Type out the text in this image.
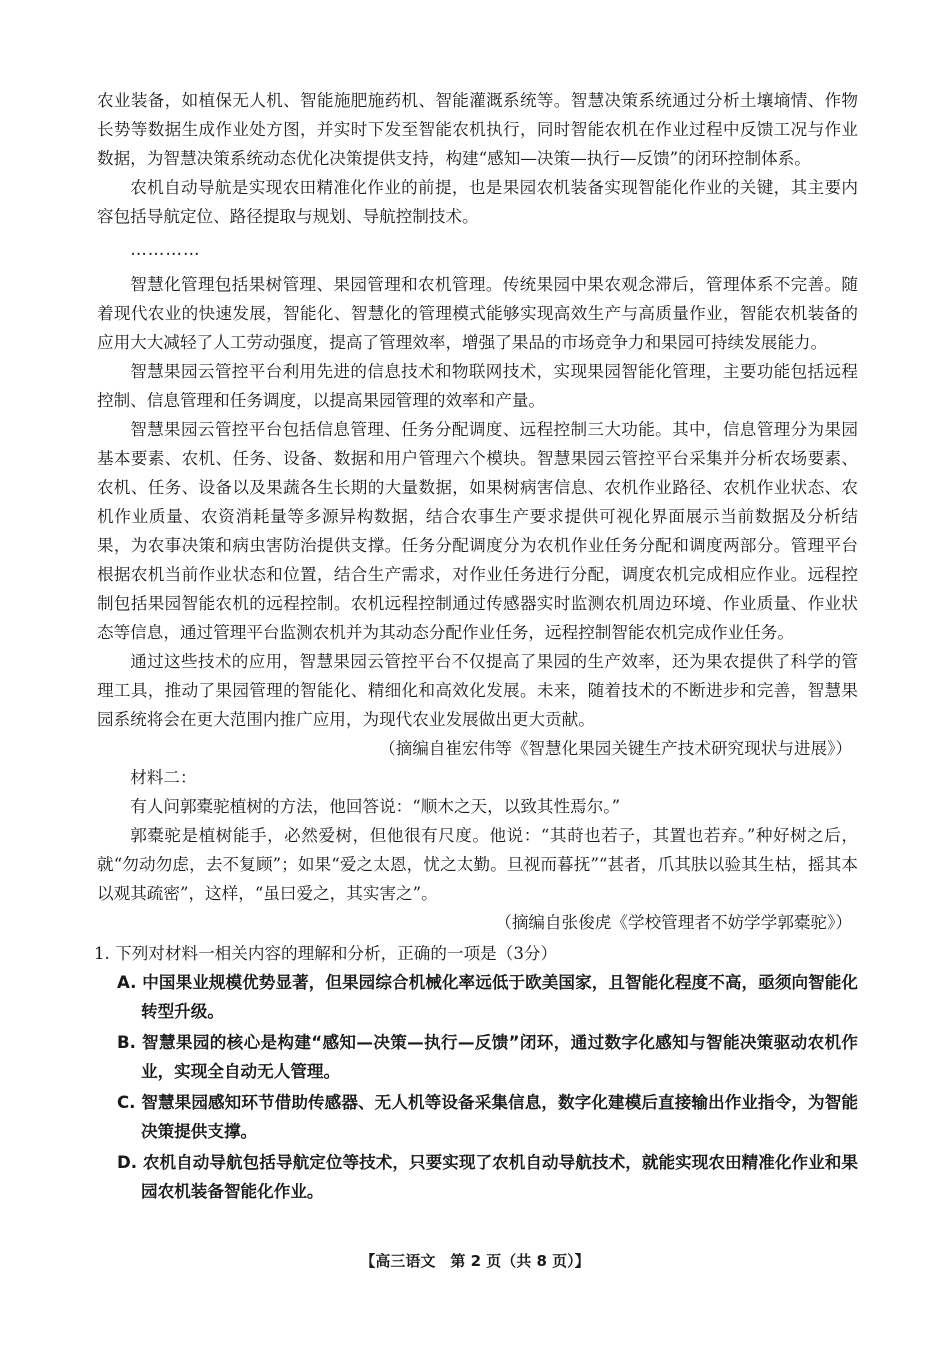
农业装备，如植保无人机、智能施肥施药机、智能灌溉系统等。智慧决策系统通过分析土壤墒情、作物长势等数据生成作业处方图，并实时下发至智能农机执行，同时智能农机在作业过程中反馈工况与作业数据，为智慧决策系统动态优化决策提供支持，构建“感知—决策—执行—反馈”的闭环控制体系。

农机自动导航是实现农田精准化作业的前提，也是果园农机装备实现智能化作业的关键，其主要内容包括导航定位、路径提取与规划、导航控制技术。

…………

智慧化管理包括果树管理、果园管理和农机管理。传统果园中果农观念滞后，管理体系不完善。随着现代农业的快速发展，智能化、智慧化的管理模式能够实现高效生产与高质量作业，智能农机装备的应用大大减轻了人工劳动强度，提高了管理效率，增强了果品的市场竞争力和果园可持续发展能力。

智慧果园云管控平台利用先进的信息技术和物联网技术，实现果园智能化管理，主要功能包括远程控制、信息管理和任务调度，以提高果园管理的效率和产量。

智慧果园云管控平台包括信息管理、任务分配调度、远程控制三大功能。其中，信息管理分为果园基本要素、农机、任务、设备、数据和用户管理六个模块。智慧果园云管控平台采集并分析农场要素、农机、任务、设备以及果蔬各生长期的大量数据，如果树病害信息、农机作业路径、农机作业状态、农机作业质量、农资消耗量等多源异构数据，结合农事生产要求提供可视化界面展示当前数据及分析结果，为农事决策和病虫害防治提供支撑。任务分配调度分为农机作业任务分配和调度两部分。管理平台根据农机当前作业状态和位置，结合生产需求，对作业任务进行分配，调度农机完成相应作业。远程控制包括果园智能农机的远程控制。农机远程控制通过传感器实时监测农机周边环境、作业质量、作业状态等信息，通过管理平台监测农机并为其动态分配作业任务，远程控制智能农机完成作业任务。

通过这些技术的应用，智慧果园云管控平台不仅提高了果园的生产效率，还为果农提供了科学的管理工具，推动了果园管理的智能化、精细化和高效化发展。未来，随着技术的不断进步和完善，智慧果园系统将会在更大范围内推广应用，为现代农业发展做出更大贡献。

（摘编自崔宏伟等《智慧化果园关键生产技术研究现状与进展》）

材料二：

有人问郭橐驼植树的方法，他回答说：“顺木之天，以致其性焉尔。”

郭橐驼是植树能手，必然爱树，但他很有尺度。他说：“其莳也若子，其置也若弃。”种好树之后，就“勿动勿虑，去不复顾”；如果“爱之太恩，忧之太勤。旦视而暮抚”“甚者，爪其肤以验其生枯，摇其本以观其疏密”，这样，“虽曰爱之，其实害之”。

（摘编自张俊虎《学校管理者不妨学学郭橐驼》）

1. 下列对材料一相关内容的理解和分析，正确的一项是（3分）

A. 中国果业规模优势显著，但果园综合机械化率远低于欧美国家，且智能化程度不高，亟须向智能化转型升级。

B. 智慧果园的核心是构建“感知—决策—执行—反馈”闭环，通过数字化感知与智能决策驱动农机作业，实现全自动无人管理。

C. 智慧果园感知环节借助传感器、无人机等设备采集信息，数字化建模后直接输出作业指令，为智能决策提供支撑。

D. 农机自动导航包括导航定位等技术，只要实现了农机自动导航技术，就能实现农田精准化作业和果园农机装备智能化作业。

【高三语文　第 2 页（共 8 页）】
